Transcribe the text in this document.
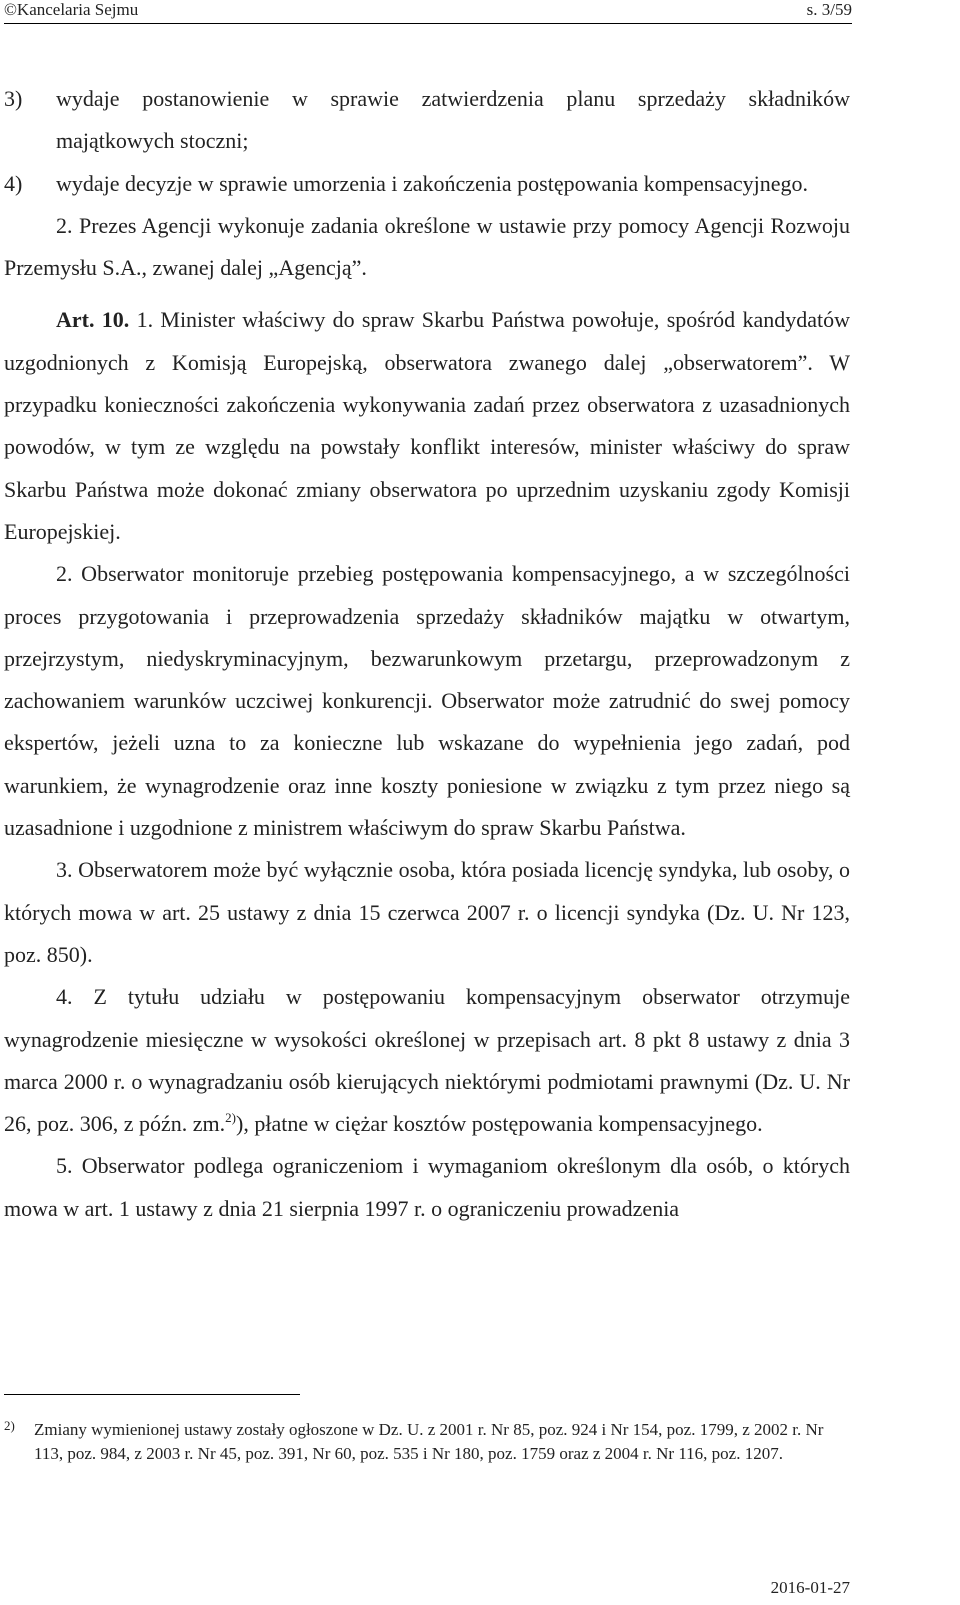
©Kancelaria Sejmu	s. 3/59

3) wydaje postanowienie w sprawie zatwierdzenia planu sprzedaży składników majątkowych stoczni;

4) wydaje decyzje w sprawie umorzenia i zakończenia postępowania kompensacyjnego.

2. Prezes Agencji wykonuje zadania określone w ustawie przy pomocy Agencji Rozwoju Przemysłu S.A., zwanej dalej „Agencją”.

Art. 10. 1. Minister właściwy do spraw Skarbu Państwa powołuje, spośród kandydatów uzgodnionych z Komisją Europejską, obserwatora zwanego dalej „obserwatorem”. W przypadku konieczności zakończenia wykonywania zadań przez obserwatora z uzasadnionych powodów, w tym ze względu na powstały konflikt interesów, minister właściwy do spraw Skarbu Państwa może dokonać zmiany obserwatora po uprzednim uzyskaniu zgody Komisji Europejskiej.

2. Obserwator monitoruje przebieg postępowania kompensacyjnego, a w szczególności proces przygotowania i przeprowadzenia sprzedaży składników majątku w otwartym, przejrzystym, niedyskryminacyjnym, bezwarunkowym przetargu, przeprowadzonym z zachowaniem warunków uczciwej konkurencji. Obserwator może zatrudnić do swej pomocy ekspertów, jeżeli uzna to za konieczne lub wskazane do wypełnienia jego zadań, pod warunkiem, że wynagrodzenie oraz inne koszty poniesione w związku z tym przez niego są uzasadnione i uzgodnione z ministrem właściwym do spraw Skarbu Państwa.

3. Obserwatorem może być wyłącznie osoba, która posiada licencję syndyka, lub osoby, o których mowa w art. 25 ustawy z dnia 15 czerwca 2007 r. o licencji syndyka (Dz. U. Nr 123, poz. 850).

4. Z tytułu udziału w postępowaniu kompensacyjnym obserwator otrzymuje wynagrodzenie miesięczne w wysokości określonej w przepisach art. 8 pkt 8 ustawy z dnia 3 marca 2000 r. o wynagradzaniu osób kierujących niektórymi podmiotami prawnymi (Dz. U. Nr 26, poz. 306, z późn. zm.$^{2)}$), płatne w ciężar kosztów postępowania kompensacyjnego.

5. Obserwator podlega ograniczeniom i wymaganiom określonym dla osób, o których mowa w art. 1 ustawy z dnia 21 sierpnia 1997 r. o ograniczeniu prowadzenia

2) Zmiany wymienionej ustawy zostały ogłoszone w Dz. U. z 2001 r. Nr 85, poz. 924 i Nr 154, poz. 1799, z 2002 r. Nr 113, poz. 984, z 2003 r. Nr 45, poz. 391, Nr 60, poz. 535 i Nr 180, poz. 1759 oraz z 2004 r. Nr 116, poz. 1207.
2016-01-27
